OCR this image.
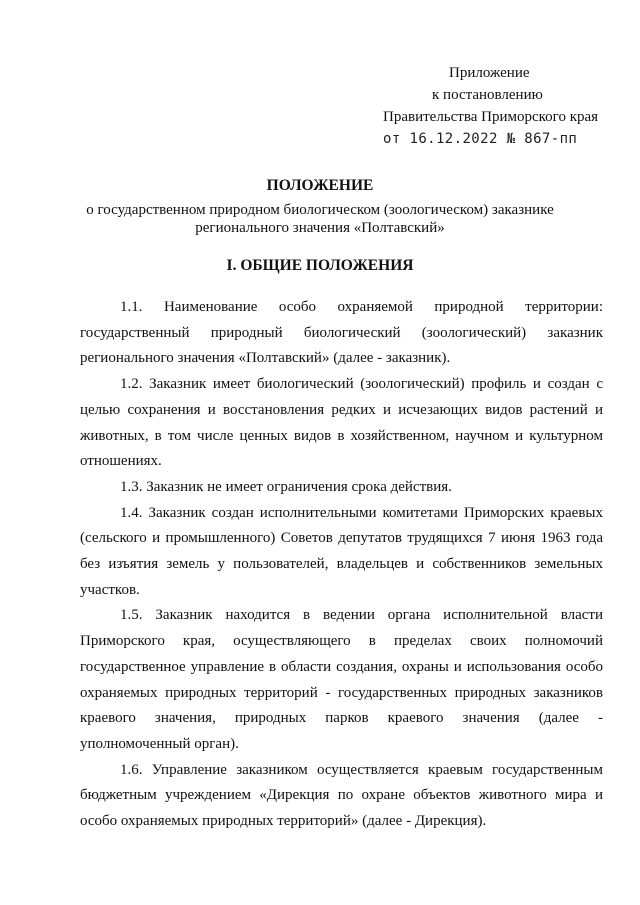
Приложение
к постановлению
Правительства Приморского края
от 16.12.2022 № 867-пп
ПОЛОЖЕНИЕ
о государственном природном биологическом (зоологическом) заказнике регионального значения «Полтавский»
I. ОБЩИЕ ПОЛОЖЕНИЯ

1.1. Наименование особо охраняемой природной территории: государственный природный биологический (зоологический) заказник регионального значения «Полтавский» (далее - заказник).

1.2. Заказник имеет биологический (зоологический) профиль и создан с целью сохранения и восстановления редких и исчезающих видов растений и животных, в том числе ценных видов в хозяйственном, научном и культурном отношениях.

1.3. Заказник не имеет ограничения срока действия.

1.4. Заказник создан исполнительными комитетами Приморских краевых (сельского и промышленного) Советов депутатов трудящихся 7 июня 1963 года без изъятия земель у пользователей, владельцев и собственников земельных участков.

1.5. Заказник находится в ведении органа исполнительной власти Приморского края, осуществляющего в пределах своих полномочий государственное управление в области создания, охраны и использования особо охраняемых природных территорий - государственных природных заказников краевого значения, природных парков краевого значения (далее - уполномоченный орган).

1.6. Управление заказником осуществляется краевым государственным бюджетным учреждением «Дирекция по охране объектов животного мира и особо охраняемых природных территорий» (далее - Дирекция).
